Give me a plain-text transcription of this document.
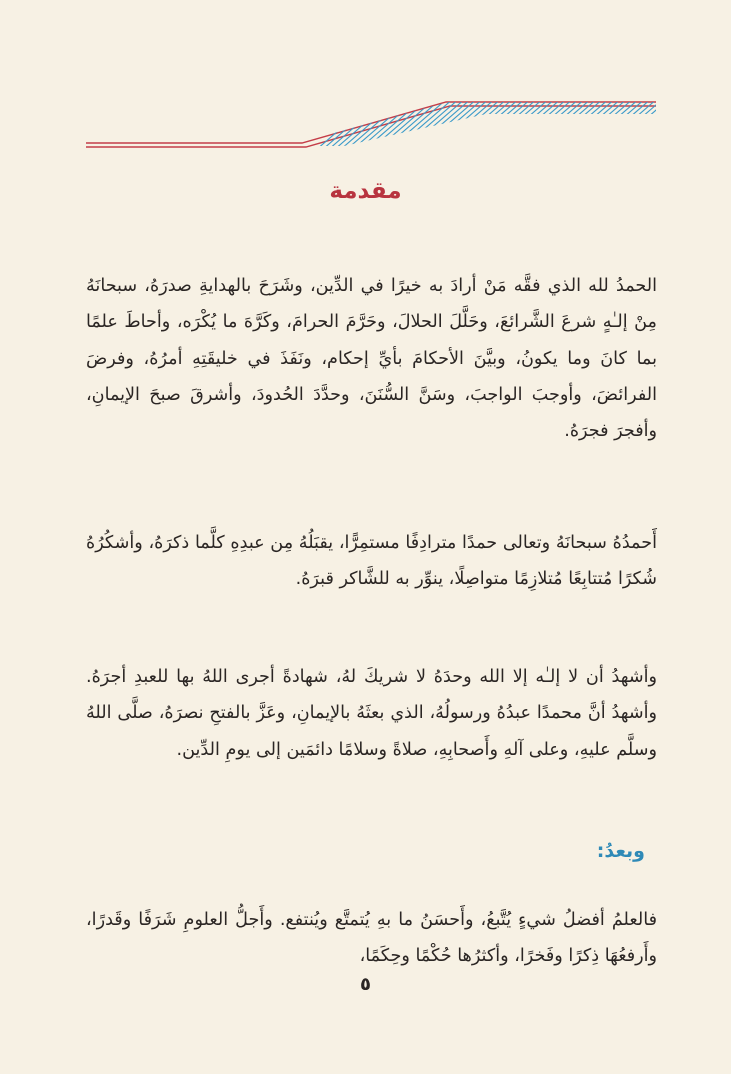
مقدمة
الحمدُ لله الذي فقَّه مَنْ أرادَ به خيرًا في الدِّين، وشَرَحَ بالهدايةِ صدرَهُ، سبحانَهُ مِنْ إلـٰهٍ شرعَ الشَّرائعَ، وحَلَّلَ الحلالَ، وحَرَّمَ الحرامَ، وكَرَّهَ ما يُكْرَه، وأحاطَ علمًا بما كانَ وما يكونُ، وبيَّنَ الأحكامَ بأيِّ إحكام، ونَفَذَ في خليقَتِهِ أمرُهُ، وفرضَ الفرائضَ، وأوجبَ الواجبَ، وسَنَّ السُّنَنَ، وحدَّدَ الحُدودَ، وأشرقَ صبحَ الإيمانِ، وأفجرَ فجرَهُ.
أَحمدُهُ سبحانَهُ وتعالى حمدًا مترادِفًا مستمِرًّا، يقبَلُهُ مِن عبدِهِ كلَّما ذكرَهُ، وأشكُرُهُ شُكرًا مُتتابِعًا مُتلازِمًا متواصِلًا، ينوِّر به للشَّاكر قبرَهُ.
وأشهدُ أن لا إلـٰه إلا الله وحدَهُ لا شريكَ لهُ، شهادةً أجرى اللهُ بها للعبدِ أجرَهُ. وأشهدُ أنَّ محمدًا عبدُهُ ورسولُهُ، الذي بعثَهُ بالإيمانِ، وعَزَّ بالفتحِ نصرَهُ، صلَّى اللهُ وسلَّم عليهِ، وعلى آلهِ وأَصحابِهِ، صلاةً وسلامًا دائمَين إلى يومِ الدِّين.
وبعدُ:
فالعلمُ أفضلُ شيءٍ يُتَّبعُ، وأَحسَنُ ما بهِ يُتمتَّع ويُنتفع. وأَجلُّ العلومِ شَرَفًا وقَدرًا، وأَرفعُهَا ذِكرًا وفَخرًا، وأكثرُها حُكْمًا وحِكَمًا،
٥
